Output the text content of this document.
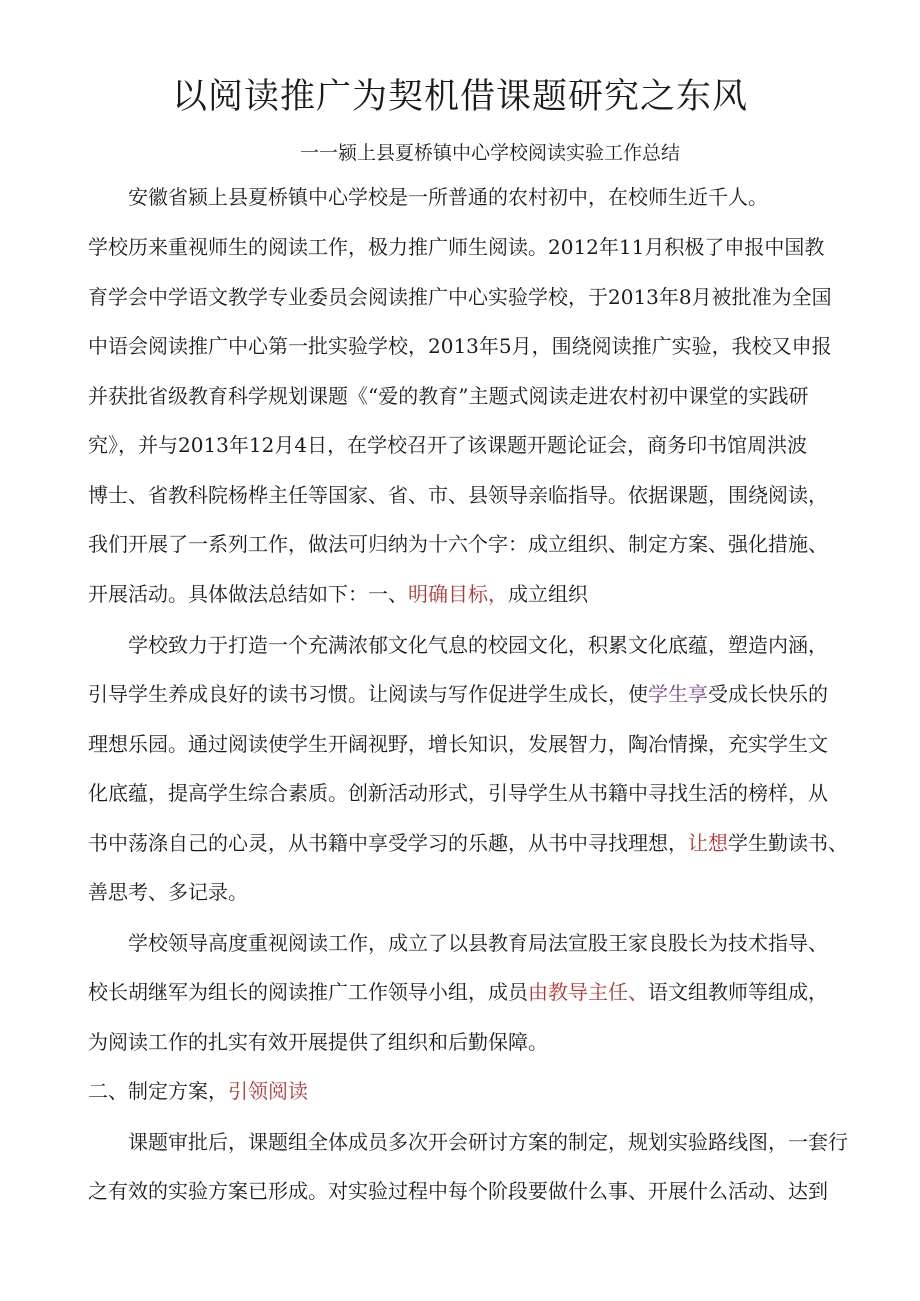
以阅读推广为契机借课题研究之东风
一一颍上县夏桥镇中心学校阅读实验工作总结
安徽省颍上县夏桥镇中心学校是一所普通的农村初中，在校师生近千人。
学校历来重视师生的阅读工作，极力推广师生阅读。2012年11月积极了申报中国教
育学会中学语文教学专业委员会阅读推广中心实验学校，于2013年8月被批准为全国
中语会阅读推广中心第一批实验学校，2013年5月，围绕阅读推广实验，我校又申报
并获批省级教育科学规划课题《“爱的教育”主题式阅读走进农村初中课堂的实践研
究》，并与2013年12月4日，在学校召开了该课题开题论证会，商务印书馆周洪波
博士、省教科院杨桦主任等国家、省、市、县领导亲临指导。依据课题，围绕阅读，
我们开展了一系列工作，做法可归纳为十六个字：成立组织、制定方案、强化措施、
开展活动。具体做法总结如下：一、明确目标，成立组织
学校致力于打造一个充满浓郁文化气息的校园文化，积累文化底蕴，塑造内涵，
引导学生养成良好的读书习惯。让阅读与写作促进学生成长，使学生享受成长快乐的
理想乐园。通过阅读使学生开阔视野，增长知识，发展智力，陶冶情操，充实学生文
化底蕴，提高学生综合素质。创新活动形式，引导学生从书籍中寻找生活的榜样，从
书中荡涤自己的心灵，从书籍中享受学习的乐趣，从书中寻找理想，让想学生勤读书、
善思考、多记录。
学校领导高度重视阅读工作，成立了以县教育局法宣股王家良股长为技术指导、
校长胡继军为组长的阅读推广工作领导小组，成员由教导主任、语文组教师等组成，
为阅读工作的扎实有效开展提供了组织和后勤保障。
二、制定方案，引领阅读
课题审批后，课题组全体成员多次开会研讨方案的制定，规划实验路线图，一套行
之有效的实验方案已形成。对实验过程中每个阶段要做什么事、开展什么活动、达到
